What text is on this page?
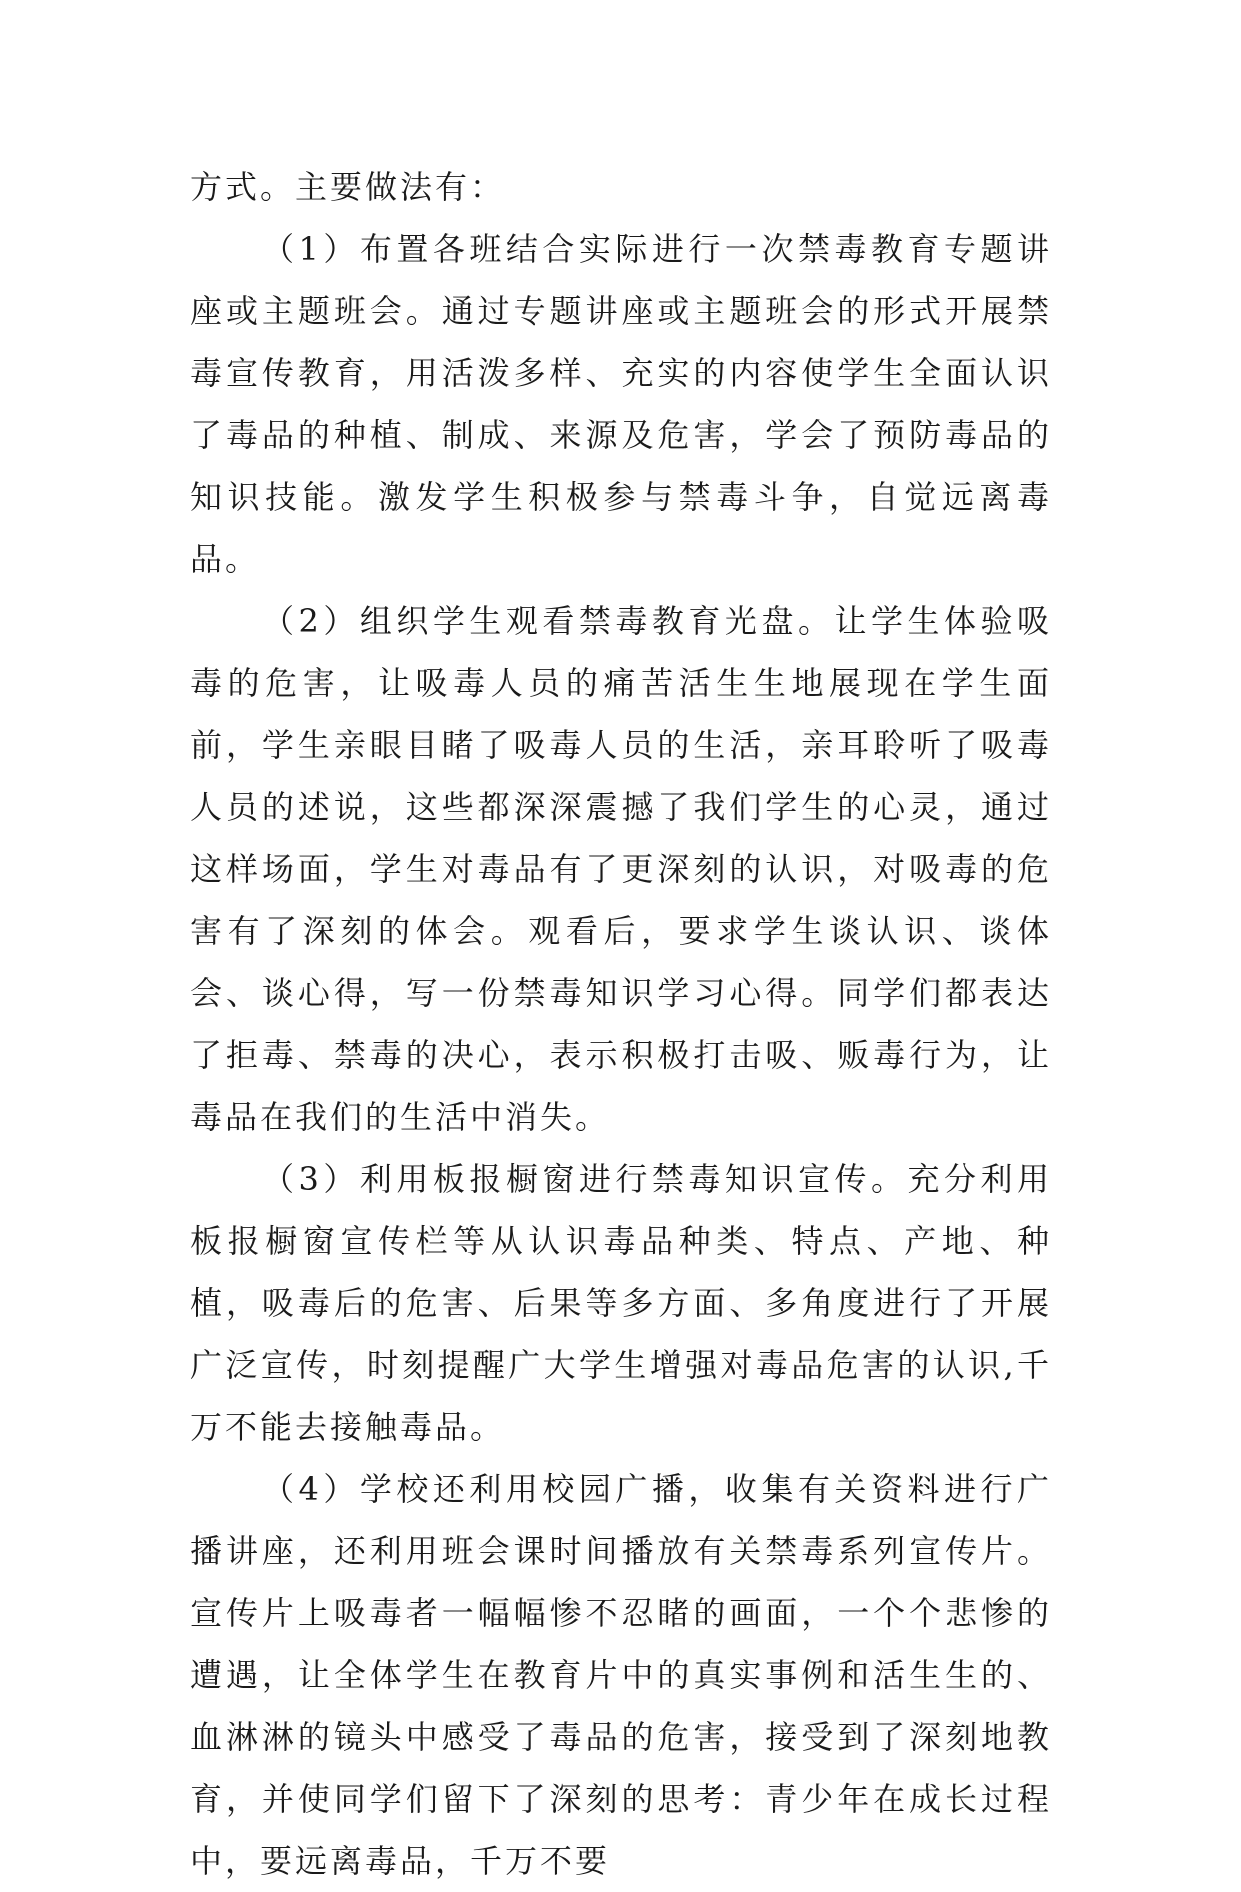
方式。主要做法有：

（1）布置各班结合实际进行一次禁毒教育专题讲座或主题班会。通过专题讲座或主题班会的形式开展禁毒宣传教育，用活泼多样、充实的内容使学生全面认识了毒品的种植、制成、来源及危害，学会了预防毒品的知识技能。激发学生积极参与禁毒斗争，自觉远离毒品。

（2）组织学生观看禁毒教育光盘。让学生体验吸毒的危害，让吸毒人员的痛苦活生生地展现在学生面前，学生亲眼目睹了吸毒人员的生活，亲耳聆听了吸毒人员的述说，这些都深深震撼了我们学生的心灵，通过这样场面，学生对毒品有了更深刻的认识，对吸毒的危害有了深刻的体会。观看后，要求学生谈认识、谈体会、谈心得，写一份禁毒知识学习心得。同学们都表达了拒毒、禁毒的决心，表示积极打击吸、贩毒行为，让毒品在我们的生活中消失。

（3）利用板报橱窗进行禁毒知识宣传。充分利用板报橱窗宣传栏等从认识毒品种类、特点、产地、种植，吸毒后的危害、后果等多方面、多角度进行了开展广泛宣传，时刻提醒广大学生增强对毒品危害的认识,千万不能去接触毒品。

（4）学校还利用校园广播，收集有关资料进行广播讲座，还利用班会课时间播放有关禁毒系列宣传片。宣传片上吸毒者一幅幅惨不忍睹的画面，一个个悲惨的遭遇，让全体学生在教育片中的真实事例和活生生的、血淋淋的镜头中感受了毒品的危害，接受到了深刻地教育，并使同学们留下了深刻的思考：青少年在成长过程中，要远离毒品，千万不要
